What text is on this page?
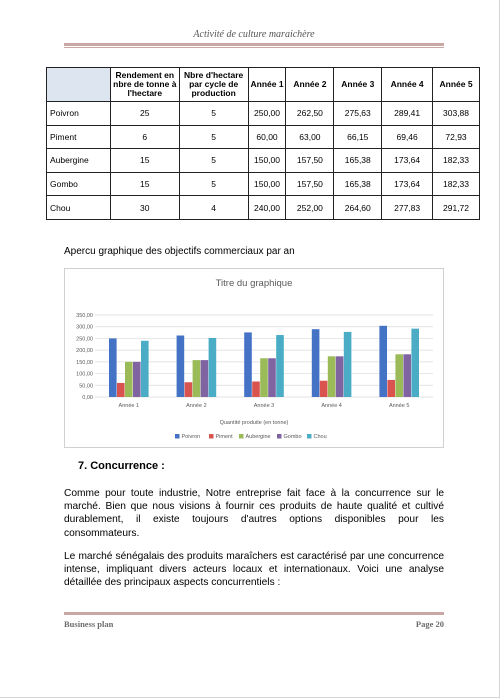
Activité de culture maraichère
	Rendement en nbre de tonne à l'hectare	Nbre d'hectare par cycle de production	Année 1	Année 2	Année 3	Année 4	Année 5
Poivron	25	5	250,00	262,50	275,63	289,41	303,88
Piment	6	5	60,00	63,00	66,15	69,46	72,93
Aubergine	15	5	150,00	157,50	165,38	173,64	182,33
Gombo	15	5	150,00	157,50	165,38	173,64	182,33
Chou	30	4	240,00	252,00	264,60	277,83	291,72
Apercu graphique des objectifs commerciaux par an
Titre du graphique
0,00
50,00
100,00
150,00
200,00
250,00
300,00
350,00
Année 1	Année 2	Année 3	Année 4	Année 5
Quantité produite (en tonne)
Poivron	Piment Aubergine Gombo Chou
7. Concurrence :
Comme pour toute industrie, Notre entreprise fait face à la concurrence sur le marché. Bien que nous visions à fournir ces produits de haute qualité et cultivé durablement, il existe toujours d'autres options disponibles pour les consommateurs.
Le marché sénégalais des produits maraîchers est caractérisé par une concurrence intense, impliquant divers acteurs locaux et internationaux. Voici une analyse détaillée des principaux aspects concurrentiels :
Business plan	Page 20
